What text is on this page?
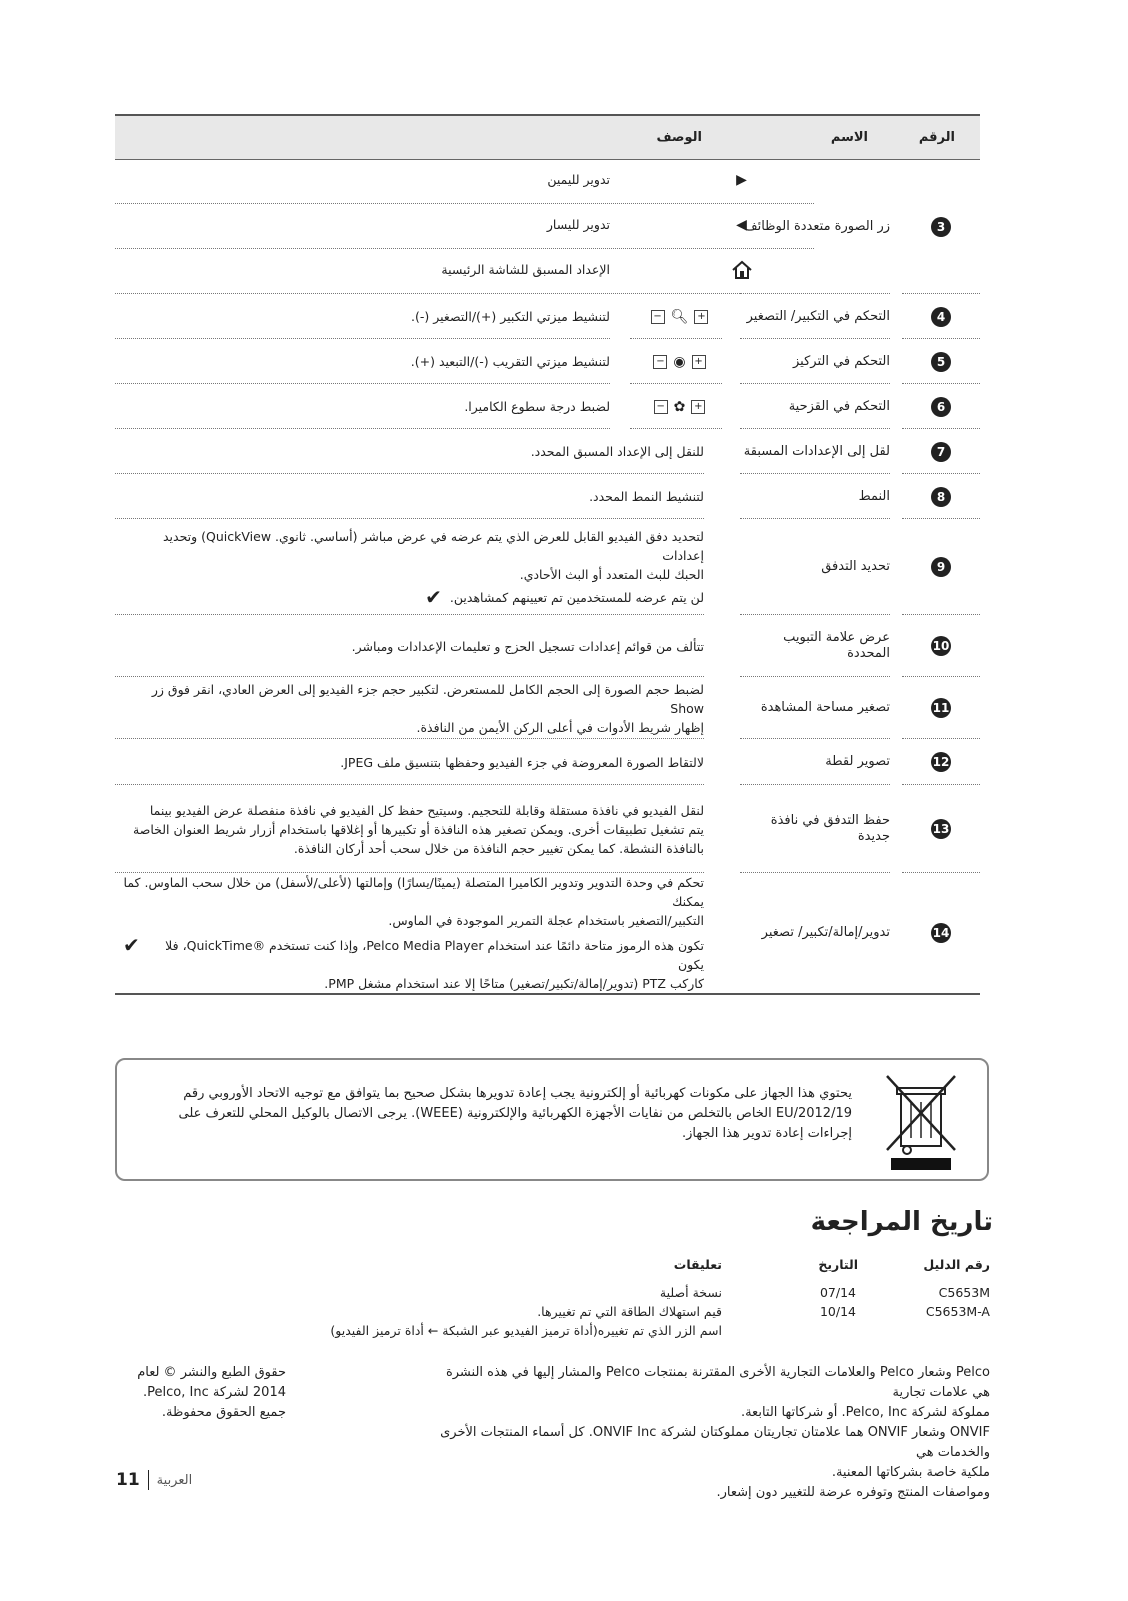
الرقم
الاسم
الوصف
3
زر الصورة متعددة الوظائف
▶
تدوير لليمين
◀
تدوير لليسار
الإعداد المسبق للشاشة الرئيسية
4
التحكم في التكبير/ التصغير
+
🔍︎
−
لتنشيط ميزتي التكبير (+)/التصغير (-).
5
التحكم في التركيز
+
◉
−
لتنشيط ميزتي التقريب (-)/التبعيد (+).
6
التحكم في القزحية
+
✿
−
لضبط درجة سطوع الكاميرا.
7
لقل إلى الإعدادات المسبقة
للنقل إلى الإعداد المسبق المحدد.
8
النمط
لتنشيط النمط المحدد.
9
تحديد التدفق
لتحديد دفق الفيديو القابل للعرض الذي يتم عرضه في عرض مباشر (أساسي. ثانوي. QuickView) وتحديد إعدادات
الحبك للبث المتعدد أو البث الأحادي.
لن يتم عرضه للمستخدمين تم تعيينهم كمشاهدين.
✔
10
عرض علامة التبويب المحددة
تتألف من قوائم إعدادات تسجيل الحزج و تعليمات الإعدادات ومباشر.
11
تصغير مساحة المشاهدة
لضبط حجم الصورة إلى الحجم الكامل للمستعرض. لتكبير حجم جزء الفيديو إلى العرض العادي، انقر فوق زر Show
إظهار شريط الأدوات في أعلى الركن الأيمن من النافذة.
12
تصوير لقطة
لالتقاط الصورة المعروضة في جزء الفيديو وحفظها بتنسيق ملف JPEG.
13
حفظ التدفق في نافذة جديدة
لنقل الفيديو في نافذة مستقلة وقابلة للتحجيم. وسيتيح حفظ كل الفيديو في نافذة منفصلة عرض الفيديو بينما
يتم تشغيل تطبيقات أخرى. ويمكن تصغير هذه النافذة أو تكبيرها أو إغلاقها باستخدام أزرار شريط العنوان الخاصة
بالنافذة النشطة. كما يمكن تغيير حجم النافذة من خلال سحب أحد أركان النافذة.
14
تدوير/إمالة/تكبير/ تصغير
تحكم في وحدة التدوير وتدوير الكاميرا المتصلة (يمينًا/يسارًا) وإمالتها (لأعلى/لأسفل) من خلال سحب الماوس. كما يمكنك
التكبير/التصغير باستخدام عجلة التمرير الموجودة في الماوس.
تكون هذه الرموز متاحة دائمًا عند استخدام Pelco Media Player، وإذا كنت تستخدم ®QuickTime، فلا يكون
كاركب PTZ (تدوير/إمالة/تكبير/تصغير) متاحًا إلا عند استخدام مشغل PMP.
✔
يحتوي هذا الجهاز على مكونات كهربائية أو إلكترونية يجب إعادة تدويرها بشكل صحيح بما يتوافق مع توجيه الاتحاد الأوروبي رقم
EU/2012/19 الخاص بالتخلص من نفايات الأجهزة الكهربائية والإلكترونية (WEEE). يرجى الاتصال بالوكيل المحلي للتعرف على
إجراءات إعادة تدوير هذا الجهاز.
تاريخ المراجعة
رقم الدليل
التاريخ
تعليقات
C5653M
07/14
نسخة أصلية
C5653M-A
10/14
قيم استهلاك الطاقة التي تم تغييرها.
اسم الزر الذي تم تغييره(أداة ترميز الفيديو عبر الشبكة ← أداة ترميز الفيديو)
Pelco وشعار Pelco والعلامات التجارية الأخرى المقترنة بمنتجات Pelco والمشار إليها في هذه النشرة هي علامات تجارية
مملوكة لشركة Pelco, Inc. أو شركاتها التابعة.
ONVIF وشعار ONVIF هما علامتان تجاريتان مملوكتان لشركة ONVIF Inc. كل أسماء المنتجات الأخرى والخدمات هي
ملكية خاصة بشركاتها المعنية.
ومواصفات المنتج وتوفره عرضة للتغيير دون إشعار.
حقوق الطبع والنشر © لعام
2014 لشركة Pelco, Inc.
جميع الحقوق محفوظة.
11 العربية
